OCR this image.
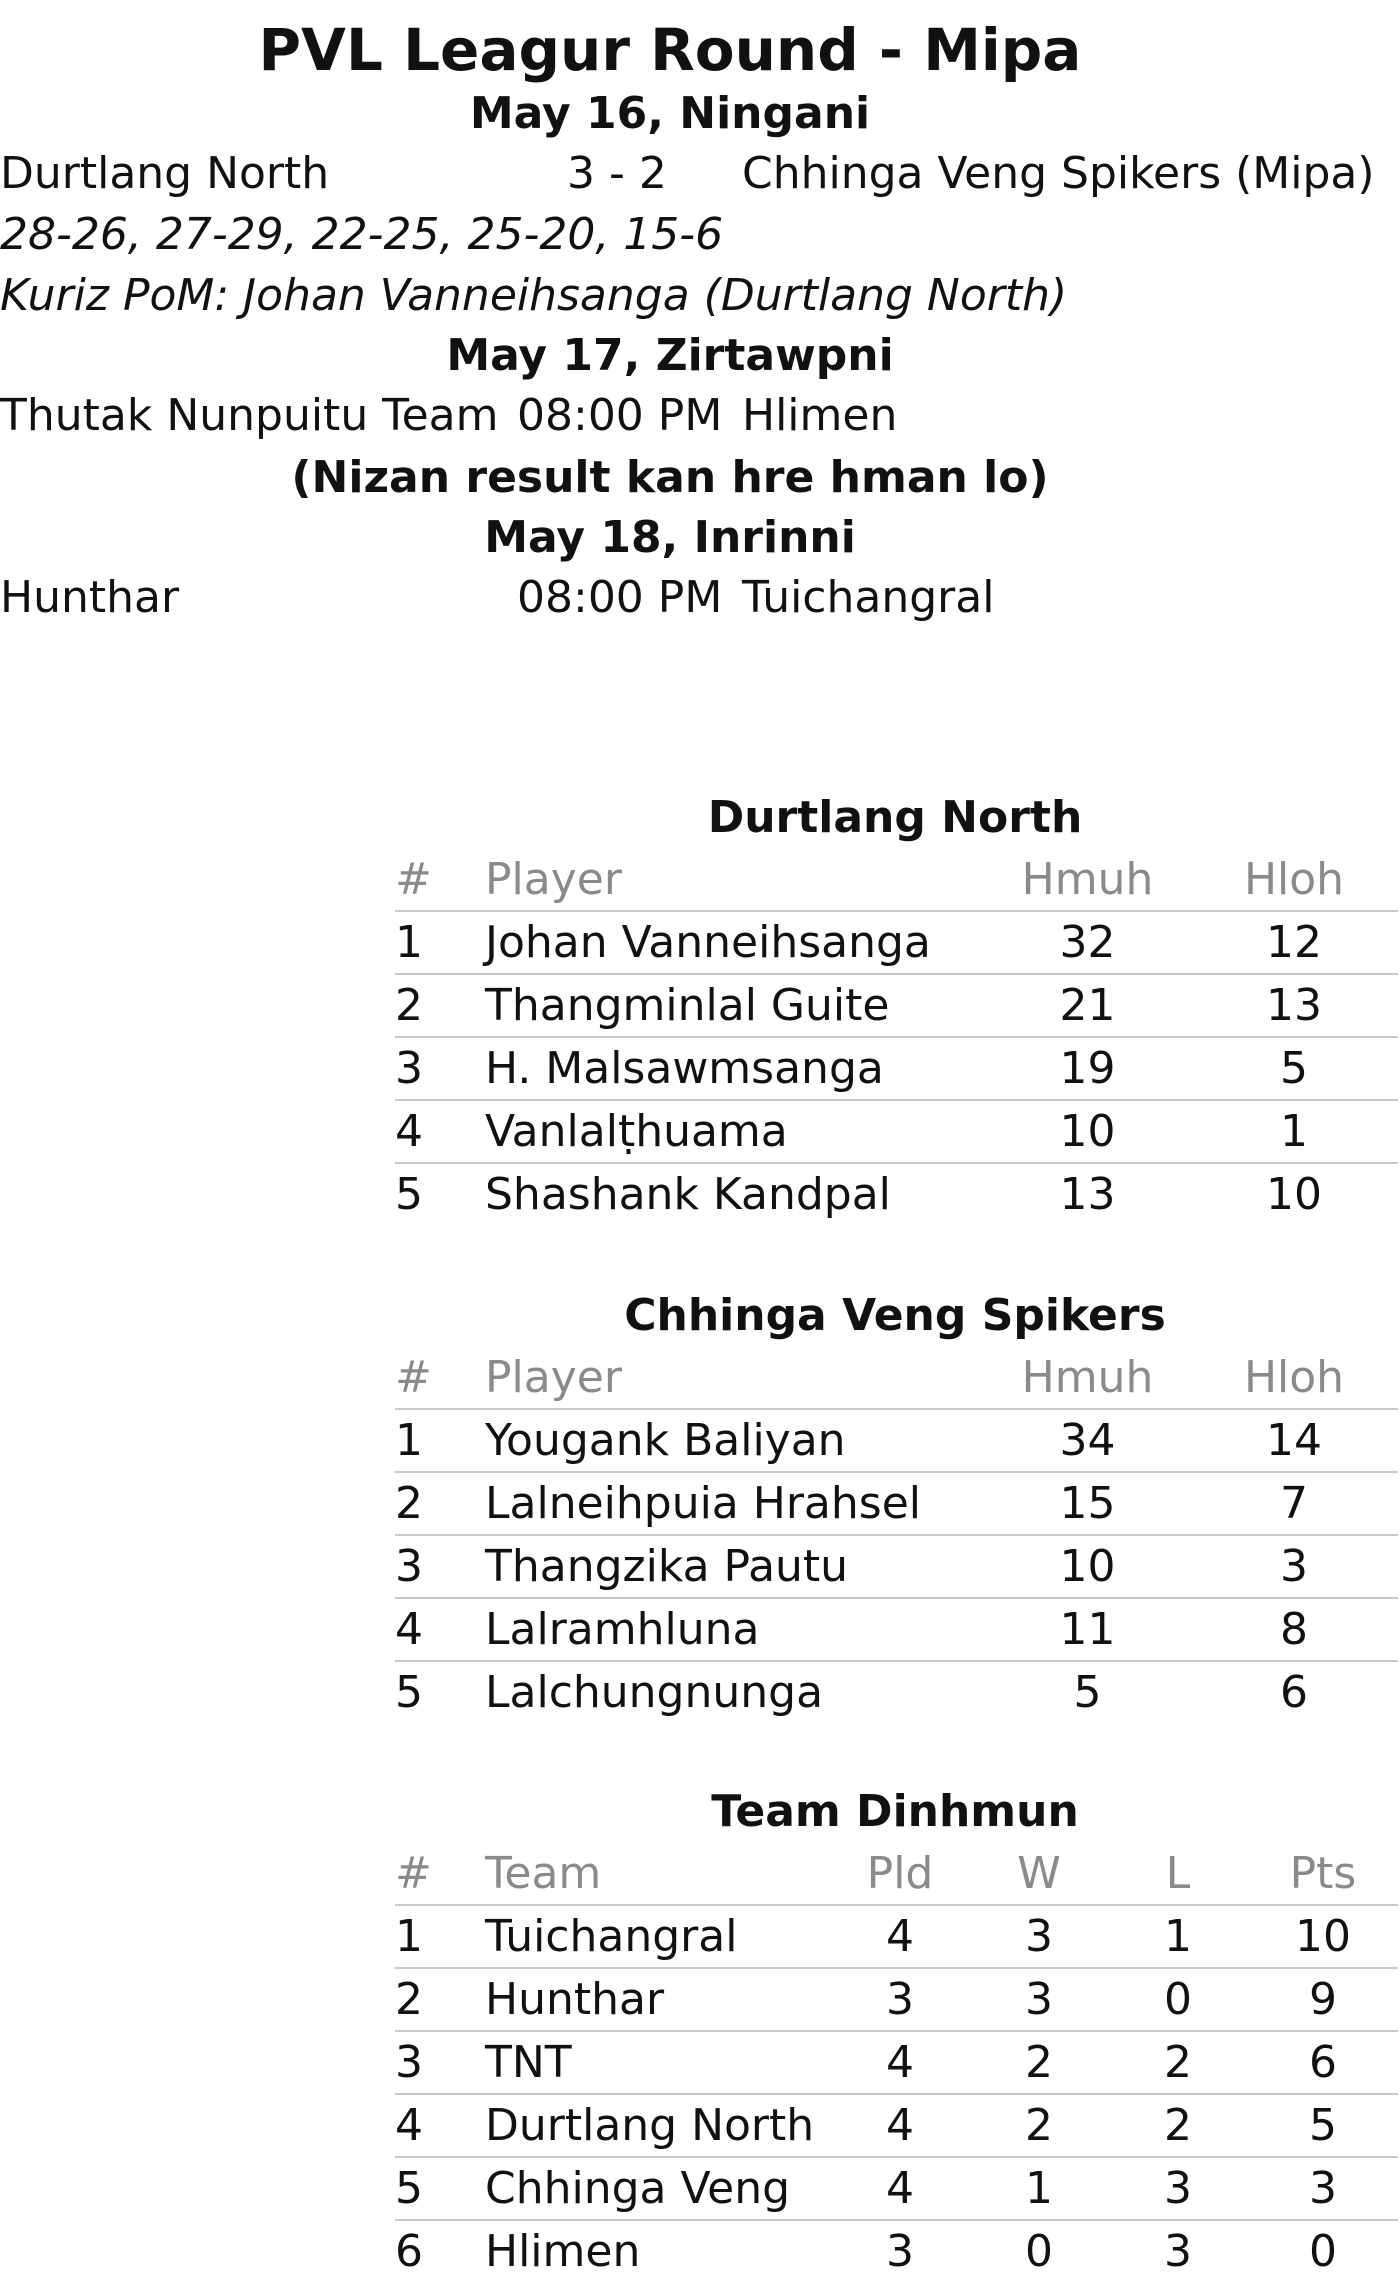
PVL Leagur Round - Mipa
May 16, Ningani
Durtlang North	3 - 2 Chhinga Veng Spikers (Mipa)
28-26, 27-29, 22-25, 25-20, 15-6
Kuriz PoM: Johan Vanneihsanga (Durtlang North)
May 17, Zirtawpni
Thutak Nunpuitu Team 08:00 PM Hlimen
(Nizan result kan hre hman lo)
May 18, Inrinni
Hunthar	08:00 PM Tuichangral
Durtlang North
#	Player	Hmuh	Hloh
1	Johan Vanneihsanga	32	12
2	Thangminlal Guite	21	13
3	H. Malsawmsanga	19	5
4	Vanlalṭhuama	10	1
5	Shashank Kandpal	13	10
Chhinga Veng Spikers
#	Player	Hmuh	Hloh
1	Yougank Baliyan	34	14
2	Lalneihpuia Hrahsel	15	7
3	Thangzika Pautu	10	3
4	Lalramhluna	11	8
5	Lalchungnunga	5	6
Team Dinhmun
#	Team	Pld	W	L	Pts
1	Tuichangral	4	3	1	10
2	Hunthar	3	3	0	9
3	TNT	4	2	2	6
4	Durtlang North	4	2	2	5
5	Chhinga Veng	4	1	3	3
6	Hlimen	3	0	3	0
